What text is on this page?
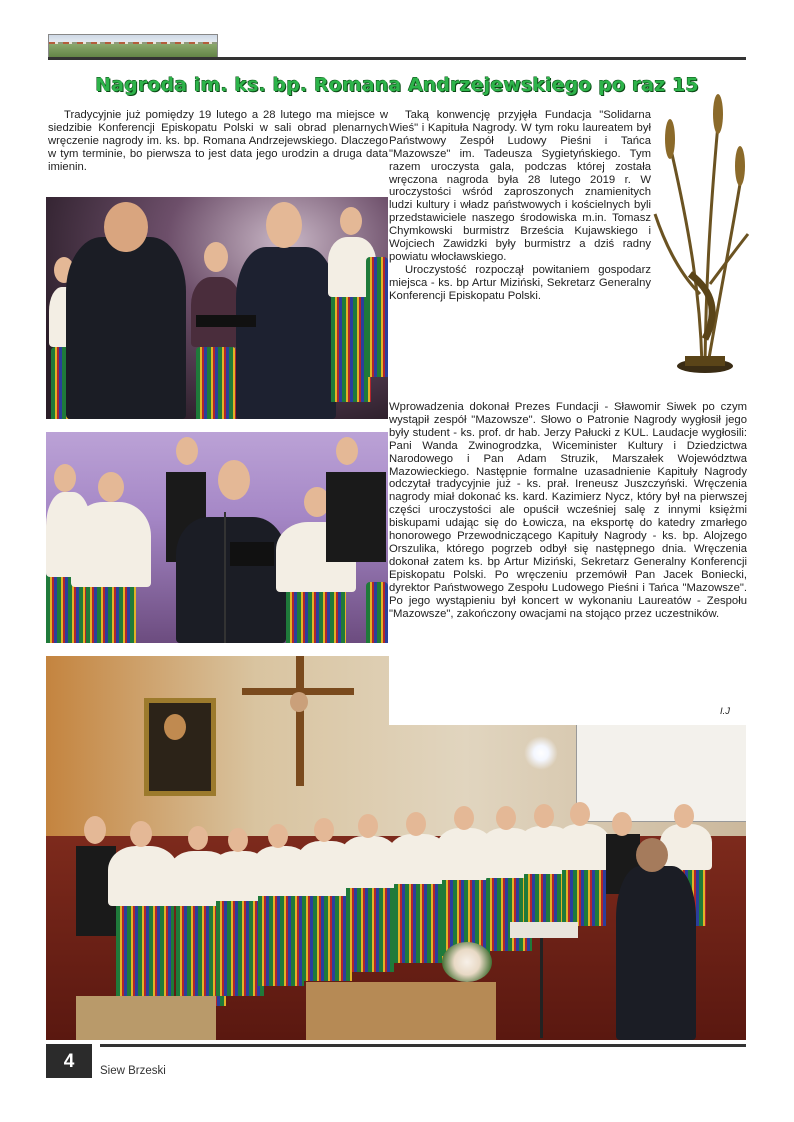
Nagroda im. ks. bp. Romana Andrzejewskiego po raz 15
Tradycyjnie już pomiędzy 19 lutego a 28 lutego ma miejsce w siedzibie Konferencji Episkopatu Polski w sali obrad plenarnych wręczenie nagrody im. ks. bp. Romana Andrzejewskiego. Dlaczego w tym terminie, bo pierwsza to jest data jego urodzin a druga data imienin.
Taką konwencję przyjęła Fundacja "Solidarna Wieś" i Kapituła Nagrody. W tym roku laureatem był Państwowy Zespół Ludowy Pieśni i Tańca "Mazowsze" im. Tadeusza Sygietyńskiego. Tym razem uroczysta gala, podczas której została wręczona nagroda była 28 lutego 2019 r. W uroczystości wśród zaproszonych znamienitych ludzi kultury i władz państwowych i kościelnych byli przedstawiciele naszego środowiska m.in. Tomasz Chymkowski burmistrz Brześcia Kujawskiego i Wojciech Zawidzki były burmistrz a dziś radny powiatu włocławskiego.
Uroczystość rozpoczął powitaniem gospodarz miejsca - ks. bp Artur Miziński, Sekretarz Generalny Konferencji Episkopatu Polski.
Wprowadzenia dokonał Prezes Fundacji - Sławomir Siwek po czym wystąpił zespół "Mazowsze". Słowo o Patronie Nagrody wygłosił jego były student - ks. prof. dr hab. Jerzy Pałucki z KUL. Laudacje wygłosili: Pani Wanda Zwinogrodzka, Wiceminister Kultury i Dziedzictwa Narodowego i Pan Adam Struzik, Marszałek Województwa Mazowieckiego. Następnie formalne uzasadnienie Kapituły Nagrody odczytał tradycyjnie już - ks. prał. Ireneusz Juszczyński. Wręczenia nagrody miał dokonać ks. kard. Kazimierz Nycz, który był na pierwszej części uroczystości ale opuścił wcześniej salę z innymi księżmi biskupami udając się do Łowicza, na eksportę do katedry zmarłego honorowego Przewodniczącego Kapituły Nagrody - ks. bp. Alojzego Orszulika, którego pogrzeb odbył się następnego dnia. Wręczenia dokonał zatem ks. bp Artur Miziński, Sekretarz Generalny Konferencji Episkopatu Polski. Po wręczeniu przemówił Pan Jacek Boniecki, dyrektor Państwowego Zespołu Ludowego Pieśni i Tańca "Mazowsze". Po jego wystąpieniu był koncert w wykonaniu Laureatów - Zespołu "Mazowsze", zakończony owacjami na stojąco przez uczestników.
I.J
4	Siew Brzeski
